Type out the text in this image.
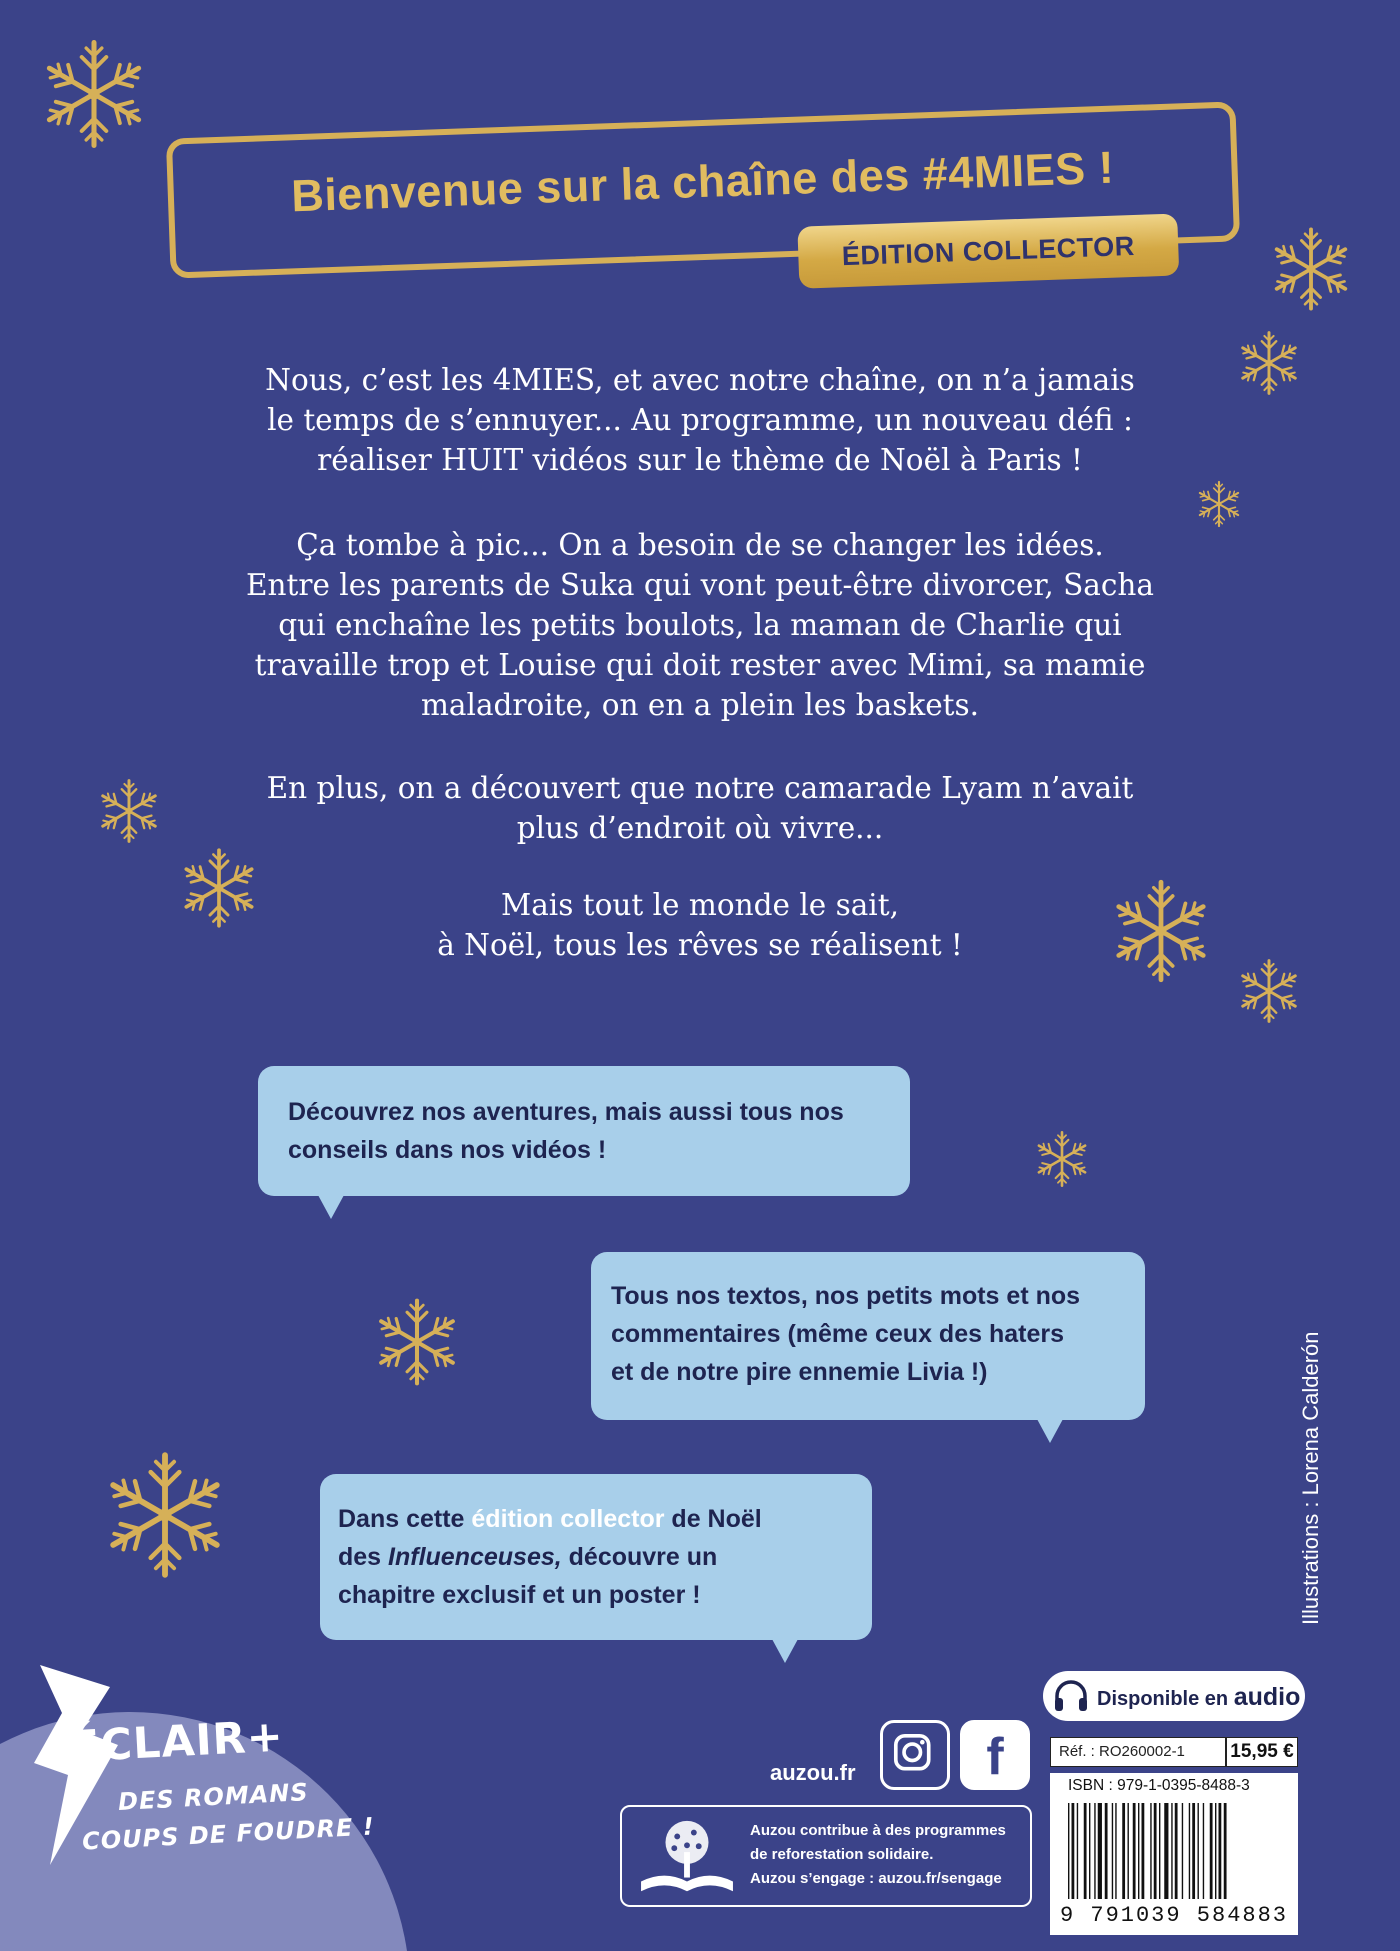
Bienvenue sur la chaîne des #4MIES !
ÉDITION COLLECTOR

Nous, c’est les 4MIES, et avec notre chaîne, on n’a jamais

le temps de s’ennuyer... Au programme, un nouveau défi :

réaliser HUIT vidéos sur le thème de Noël à Paris !

Ça tombe à pic... On a besoin de se changer les idées.

Entre les parents de Suka qui vont peut-être divorcer, Sacha

qui enchaîne les petits boulots, la maman de Charlie qui

travaille trop et Louise qui doit rester avec Mimi, sa mamie

maladroite, on en a plein les baskets.

En plus, on a découvert que notre camarade Lyam n’avait

plus d’endroit où vivre...

Mais tout le monde le sait,

à Noël, tous les rêves se réalisent !

Découvrez nos aventures, mais aussi tous nos

conseils dans nos vidéos !

Tous nos textos, nos petits mots et nos

commentaires (même ceux des haters

et de notre pire ennemie Livia !)

Dans cette édition collector de Noël

des Influenceuses, découvre un

chapitre exclusif et un poster !	Illustrations : Lorena Calderón
ÉCLAIR+
DES ROMANS
COUPS DE FOUDRE !
auzou.fr	f

Auzou contribue à des programmes

de reforestation solidaire.

Auzou s’engage : auzou.fr/sengage

Disponible en audio
Réf. : RO260002-1	15,95 €
ISBN : 979-1-0395-8488-3
9 791039 584883
